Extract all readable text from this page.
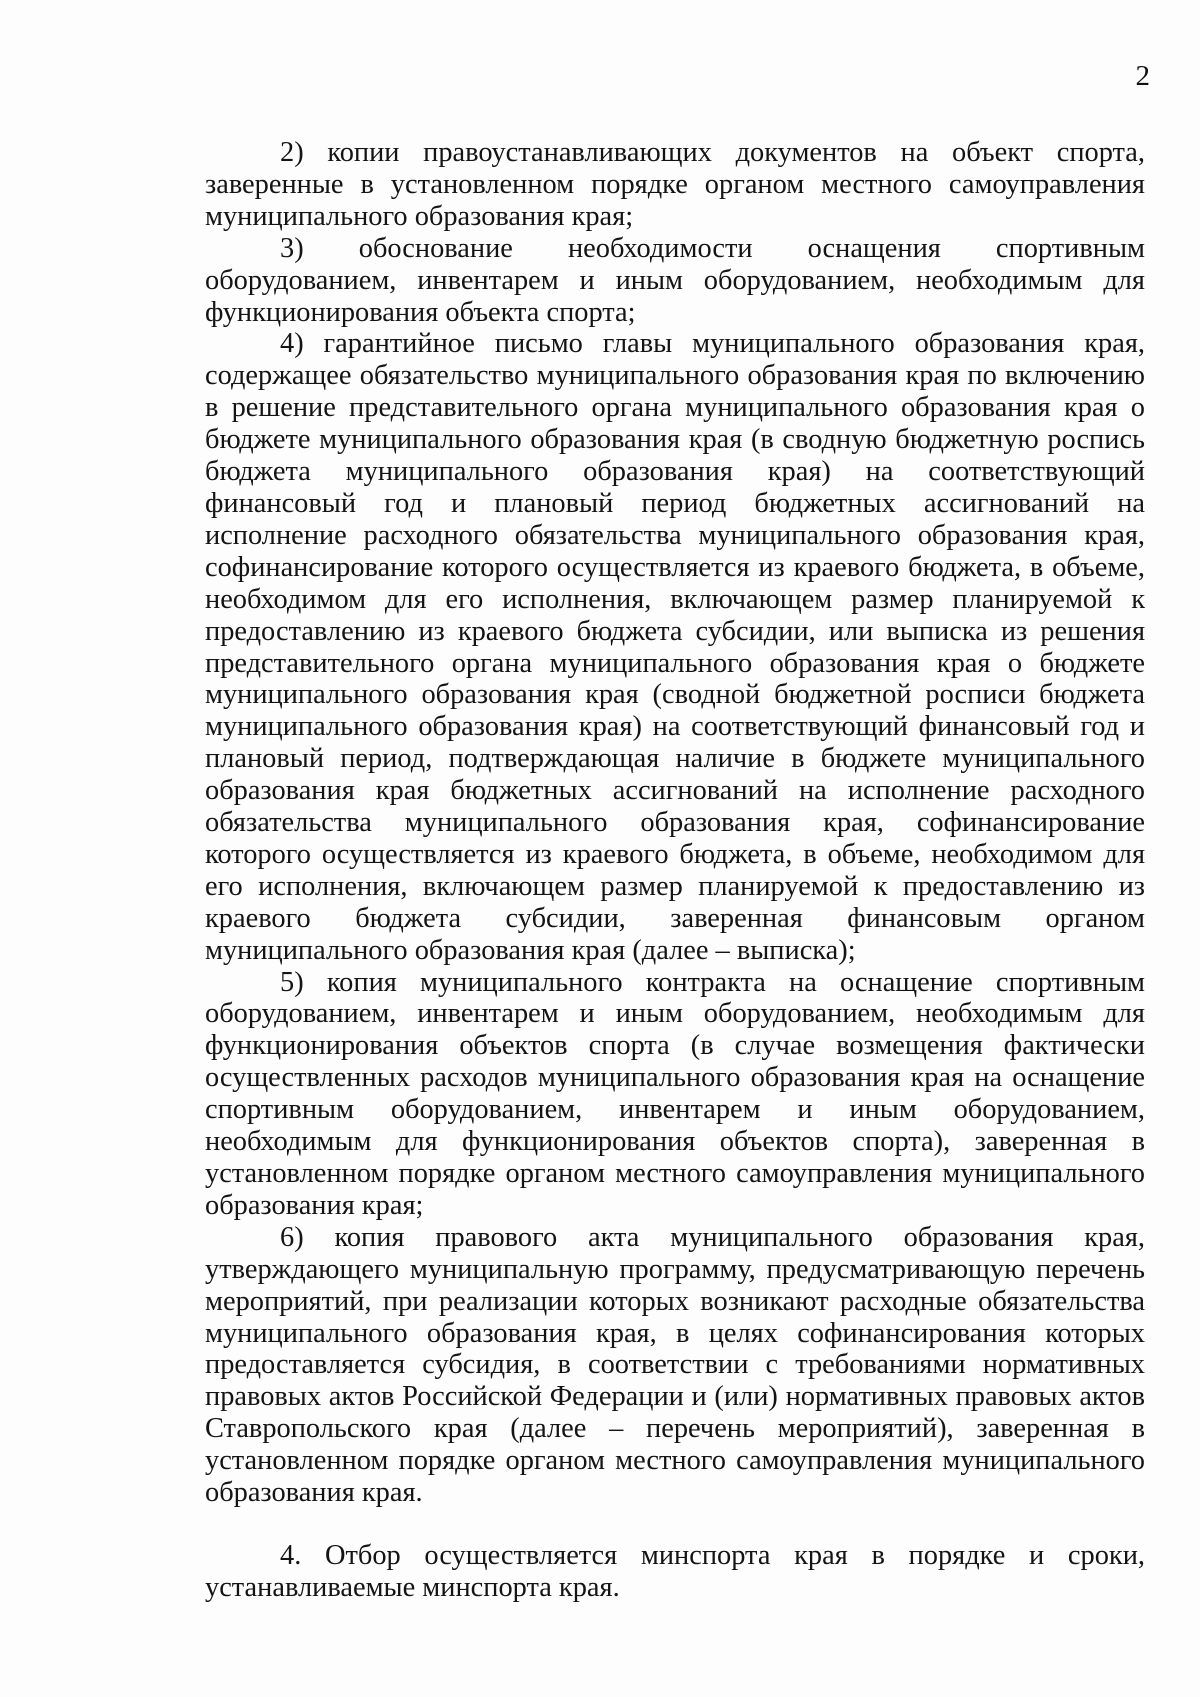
2

2) копии правоустанавливающих документов на объект спорта, заверенные в установленном порядке органом местного самоуправления муниципального образования края;

3) обоснование необходимости оснащения спортивным оборудованием, инвентарем и иным оборудованием, необходимым для функционирования объекта спорта;

4) гарантийное письмо главы муниципального образования края, содержащее обязательство муниципального образования края по включению в решение представительного органа муниципального образования края о бюджете муниципального образования края (в сводную бюджетную роспись бюджета муниципального образования края) на соответствующий финансовый год и плановый период бюджетных ассигнований на исполнение расходного обязательства муниципального образования края, софинансирование которого осуществляется из краевого бюджета, в объеме, необходимом для его исполнения, включающем размер планируемой к предоставлению из краевого бюджета субсидии, или выписка из решения представительного органа муниципального образования края о бюджете муниципального образования края (сводной бюджетной росписи бюджета муниципального образования края) на соответствующий финансовый год и плановый период, подтверждающая наличие в бюджете муниципального образования края бюджетных ассигнований на исполнение расходного обязательства муниципального образования края, софинансирование которого осуществляется из краевого бюджета, в объеме, необходимом для его исполнения, включающем размер планируемой к предоставлению из краевого бюджета субсидии, заверенная финансовым органом муниципального образования края (далее – выписка);

5) копия муниципального контракта на оснащение спортивным оборудованием, инвентарем и иным оборудованием, необходимым для функционирования объектов спорта (в случае возмещения фактически осуществленных расходов муниципального образования края на оснащение спортивным оборудованием, инвентарем и иным оборудованием, необходимым для функционирования объектов спорта), заверенная в установленном порядке органом местного самоуправления муниципального образования края;

6) копия правового акта муниципального образования края, утверждающего муниципальную программу, предусматривающую перечень мероприятий, при реализации которых возникают расходные обязательства муниципального образования края, в целях софинансирования которых предоставляется субсидия, в соответствии с требованиями нормативных правовых актов Российской Федерации и (или) нормативных правовых актов Ставропольского края (далее – перечень мероприятий), заверенная в установленном порядке органом местного самоуправления муниципального образования края.

4. Отбор осуществляется минспорта края в порядке и сроки, устанавливаемые минспорта края.
